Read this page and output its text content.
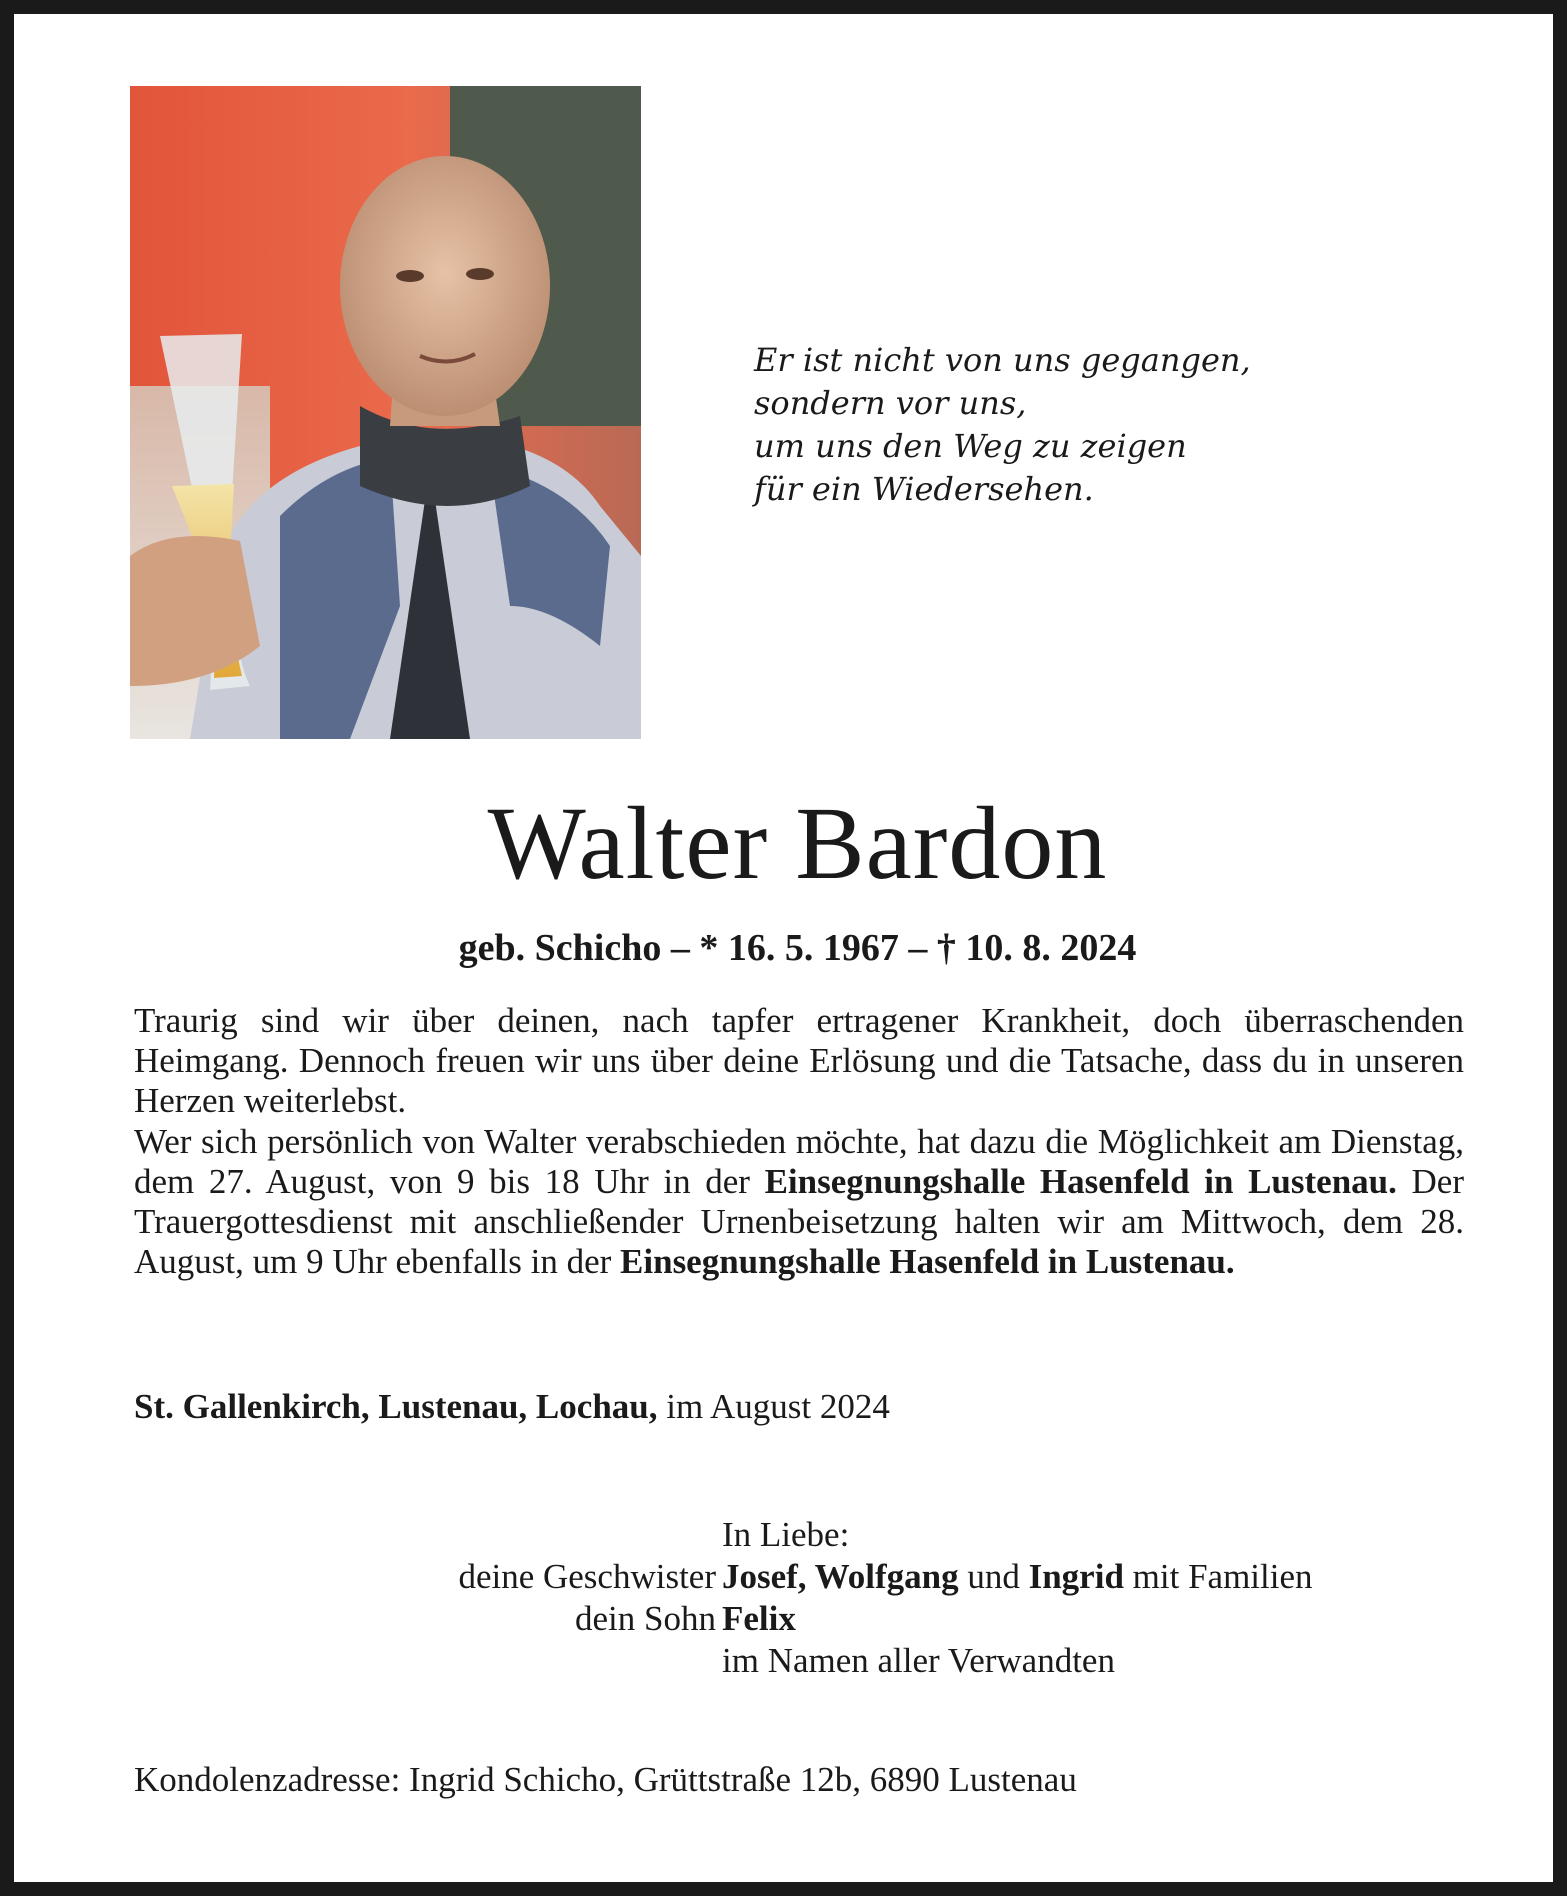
Er ist nicht von uns gegangen,
sondern vor uns,
um uns den Weg zu zeigen
für ein Wiedersehen.
Walter Bardon
geb. Schicho – * 16. 5. 1967 – † 10. 8. 2024

Traurig sind wir über deinen, nach tapfer ertragener Krankheit, doch überraschenden Heimgang. Dennoch freuen wir uns über deine Erlösung und die Tatsache, dass du in unseren Herzen weiterlebst.

Wer sich persönlich von Walter verabschieden möchte, hat dazu die Möglichkeit am Dienstag, dem 27. August, von 9 bis 18 Uhr in der Einsegnungshalle Hasenfeld in Lustenau. Der Trauergottesdienst mit anschließender Urnenbeisetzung halten wir am Mittwoch, dem 28. August, um 9 Uhr ebenfalls in der Einsegnungshalle Hasenfeld in Lustenau.

St. Gallenkirch, Lustenau, Lochau, im August 2024
In Liebe:
deine Geschwister Josef, Wolfgang und Ingrid mit Familien
dein Sohn Felix
im Namen aller Verwandten
Kondolenzadresse: Ingrid Schicho, Grüttstraße 12b, 6890 Lustenau
